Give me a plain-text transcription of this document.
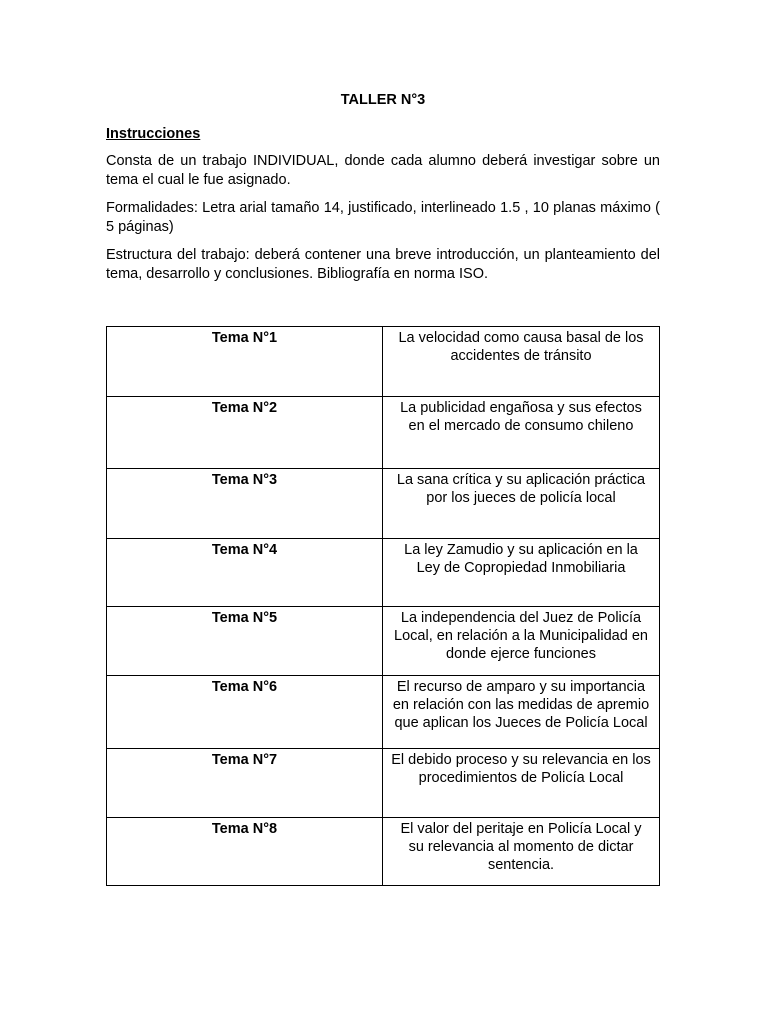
TALLER N°3
Instrucciones

Consta de un trabajo INDIVIDUAL, donde cada alumno deberá investigar sobre un tema el cual le fue asignado.

Formalidades: Letra arial tamaño 14, justificado, interlineado 1.5 , 10 planas máximo ( 5 páginas)

Estructura del trabajo: deberá contener una breve introducción, un planteamiento del tema, desarrollo y conclusiones. Bibliografía en norma ISO.

Tema N°1	La velocidad como causa basal de los accidentes de tránsito
Tema N°2	La publicidad engañosa y sus efectos en el mercado de consumo chileno
Tema N°3	La sana crítica y su aplicación práctica por los jueces de policía local
Tema N°4	La ley Zamudio y su aplicación en la Ley de Copropiedad Inmobiliaria
Tema N°5	La independencia del Juez de Policía Local, en relación a la Municipalidad en donde ejerce funciones
Tema N°6	El recurso de amparo y su importancia en relación con las medidas de apremio que aplican los Jueces de Policía Local
Tema N°7	El debido proceso y su relevancia en los procedimientos de Policía Local
Tema N°8	El valor del peritaje en Policía Local y su relevancia al momento de dictar sentencia.
